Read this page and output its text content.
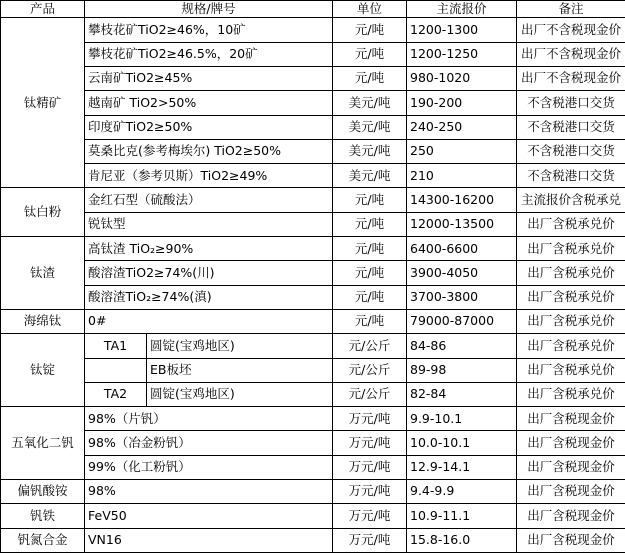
产品	规格/牌号		单位	主流报价	备注
钛精矿	攀枝花矿TiO2≥46%，10矿		元/吨	1200-1300	出厂不含税现金价
	攀枝花矿TiO2≥46.5%，20矿		元/吨	1200-1250	出厂不含税现金价
	云南矿TiO2≥45%		元/吨	980-1020	出厂不含税现金价
	越南矿 TiO2>50%		美元/吨	190-200	不含税港口交货
	印度矿TiO2≥50%		美元/吨	240-250	不含税港口交货
	莫桑比克(参考梅埃尔) TiO2≥50%		美元/吨	250	不含税港口交货
	肯尼亚（参考贝斯）TiO2≥49%		美元/吨	210	不含税港口交货
钛白粉	金红石型（硫酸法）		元/吨	14300-16200	主流报价含税承兑
	锐钛型		元/吨	12000-13500	出厂含税承兑价
钛渣	高钛渣 TiO₂≥90%		元/吨	6400-6600	出厂含税承兑价
	酸溶渣TiO2≥74%(川)		元/吨	3900-4050	出厂含税承兑价
	酸溶渣TiO₂≥74%(滇)		元/吨	3700-3800	出厂含税承兑价
海绵钛	0#		元/吨	79000-87000	出厂含税承兑价
钛锭	TA1	圆锭(宝鸡地区)	元/公斤	84-86	出厂含税承兑价
		EB板坯	元/公斤	89-98	出厂含税承兑价
	TA2	圆锭(宝鸡地区)	元/公斤	82-84	出厂含税承兑价
五氧化二钒	98%（片钒）		万元/吨	9.9-10.1	出厂含税现金价
	98%（冶金粉钒）		万元/吨	10.0-10.1	出厂含税现金价
	99%（化工粉钒）		万元/吨	12.9-14.1	出厂含税现金价
偏钒酸铵	98%		万元/吨	9.4-9.9	出厂含税现金价
钒铁	FeV50		万元/吨	10.9-11.1	出厂含税现金价
钒氮合金	VN16		万元/吨	15.8-16.0	出厂含税现金价
